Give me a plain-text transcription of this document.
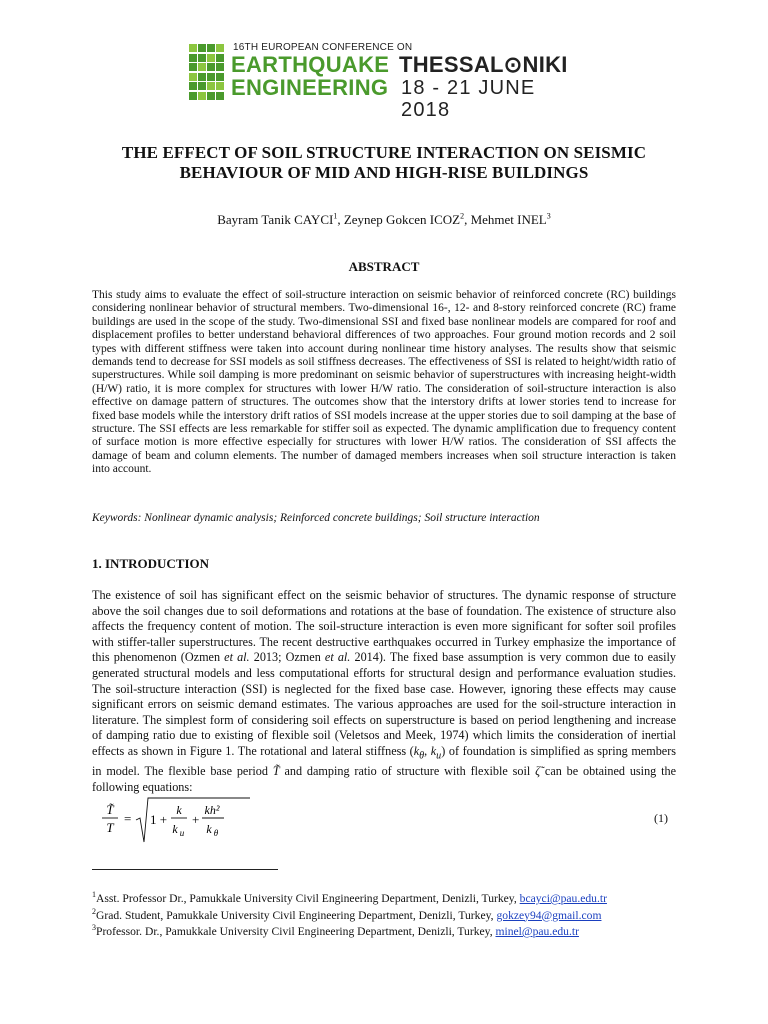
16TH EUROPEAN CONFERENCE ON
EARTHQUAKE
ENGINEERING
THESSAL⊙NIKI
18 - 21 JUNE 2018
THE EFFECT OF SOIL STRUCTURE INTERACTION ON SEISMIC
BEHAVIOUR OF MID AND HIGH-RISE BUILDINGS
Bayram Tanik CAYCI$^1$, Zeynep Gokcen ICOZ$^2$, Mehmet INEL$^3$
ABSTRACT
This study aims to evaluate the effect of soil-structure interaction on seismic behavior of reinforced concrete (RC) buildings considering nonlinear behavior of structural members. Two-dimensional 16-, 12- and 8-story reinforced concrete (RC) frame buildings are used in the scope of the study. Two-dimensional SSI and fixed base nonlinear models are compared for roof and displacement profiles to better understand behavioral differences of two approaches. Four ground motion records and 2 soil types with different stiffness were taken into account during nonlinear time history analyses. The results show that seismic demands tend to decrease for SSI models as soil stiffness decreases. The effectiveness of SSI is related to height/width ratio of superstructures. While soil damping is more predominant on seismic behavior of superstructures with increasing height-width (H/W) ratio, it is more complex for structures with lower H/W ratio. The consideration of soil-structure interaction is also effective on damage pattern of structures. The outcomes show that the interstory drifts at lower stories tend to increase for fixed base models while the interstory drift ratios of SSI models increase at the upper stories due to soil damping at the base of structure. The SSI effects are less remarkable for stiffer soil as expected. The dynamic amplification due to frequency content of surface motion is more effective especially for structures with lower H/W ratios. The consideration of SSI affects the damage of beam and column elements. The number of damaged members increases when soil structure interaction is taken into account.
Keywords: Nonlinear dynamic analysis; Reinforced concrete buildings; Soil structure interaction
1. INTRODUCTION
The existence of soil has significant effect on the seismic behavior of structures. The dynamic response of structure above the soil changes due to soil deformations and rotations at the base of foundation. The existence of structure also affects the frequency content of motion. The soil-structure interaction is even more significant for softer soil profiles with stiffer-taller superstructures. The recent destructive earthquakes occurred in Turkey emphasize the importance of this phenomenon (Ozmen et al. 2013; Ozmen et al. 2014). The fixed base assumption is very common due to easily generated structural models and less computational efforts for structural design and performance evaluation studies. The soil-structure interaction (SSI) is neglected for the fixed base case. However, ignoring these effects may cause significant errors on seismic demand estimates. The various approaches are used for the soil-structure interaction in literature. The simplest form of considering soil effects on superstructure is based on period lengthening and increase of damping ratio due to existing of flexible soil (Veletsos and Meek, 1974) which limits the consideration of inertial effects as shown in Figure 1. The rotational and lateral stiffness ($k_\theta$, $k_u$) of foundation is simplified as spring members in model. The flexible base period T̃ and damping ratio of structure with flexible soil ζ̃ can be obtained using the following equations:
T̃
T
= 1 +
k
k u
+
kh²
k θ
(1)
$^1$Asst. Professor Dr., Pamukkale University Civil Engineering Department, Denizli, Turkey, bcayci@pau.edu.tr
$^2$Grad. Student, Pamukkale University Civil Engineering Department, Denizli, Turkey, gokzey94@gmail.com
$^3$Professor. Dr., Pamukkale University Civil Engineering Department, Denizli, Turkey, minel@pau.edu.tr
